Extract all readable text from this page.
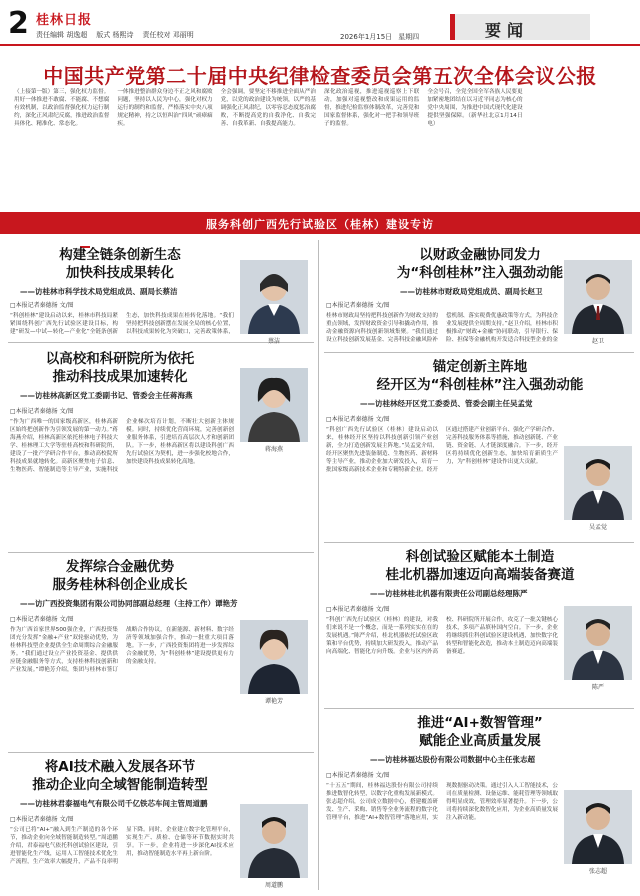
2 桂林日报
责任编辑 胡逸超 版式 杨熙诗 责任校对 邓丽明	2026年1月15日 星期四	要闻
中国共产党第二十届中央纪律检查委员会第五次全体会议公报

（上接第一版）第三，强化权力监督。用好一体推进不敢腐、不能腐、不想腐有效机制，以政治监督强化权力运行制约，深化正风肃纪反腐，推进政治监督具体化、精准化、常态化。

一体推进整治群众身边不正之风和腐败问题，坚持以人民为中心，强化对权力运行的制约和监督，严格落实中央八项规定精神，持之以恒纠治“四风”顽瘴痼疾。

全会强调，要坚定不移推进全面从严治党，以党的政治建设为统领，以严的基调强化正风肃纪，以零容忍态度惩治腐败，不断提高党的自我净化、自我完善、自我革新、自我提高能力。

深化政治巡视，推进巡视巡察上下联动，加强对巡视整改和成果运用的监督，推进纪检监察体制改革，完善党和国家监督体系，强化对一把手和领导班子的监督。

全会号召，全党全国全军各族人民要更加紧密地团结在以习近平同志为核心的党中央周围，为推进中国式现代化建设提供坚强保障。（新华社北京1月14日电）

服务科创广西先行试验区（桂林）建设专访
构建全链条创新生态
加快科技成果转化
——访桂林市科学技术局党组成员、副局长蔡洁
□本报记者秦德扬 文/图
“科创桂林”建设启动以来，桂林市科技局紧紧围绕科创广西先行试验区建设目标，构建“研发—中试—转化—产业化”全链条创新生态，加快科技成果在桂转化落地。“我们坚持把科技创新摆在发展全局的核心位置，以科技成果转化为突破口，完善政策体系，
蔡洁
以财政金融协同发力
为“科创桂林”注入强劲动能
——访桂林市财政局党组成员、副局长赵卫
□本报记者秦德扬 文/图
桂林市财政局坚持把科技创新作为财政支持的重点领域，发挥财政资金引导和撬动作用，推动金融资源向科技创新领域集聚。“我们通过设立科技创新发展基金、完善科技金融风险补偿机制、落实税费优惠政策等方式，为科技企业发展提供全周期支持。”赵卫介绍，桂林市积极推动“财政+金融”协同联动，引导银行、保险、担保等金融机构开发适合科技型企业的金	赵卫
以高校和科研院所为依托
推动科技成果加速转化
——访桂林高新区党工委副书记、管委会主任蒋海燕
□本报记者秦德扬 文/图
“作为广西唯一的国家级高新区，桂林高新区始终把创新作为引领发展的第一动力。”蒋海燕介绍，桂林高新区依托桂林电子科技大学、桂林理工大学等驻桂高校和科研院所，建设了一批产学研合作平台，推动高校院所科技成果就地转化。高新区聚焦电子信息、生物医药、智能制造等主导产业，实施科技企业梯次培育计划，不断壮大创新主体规模。同时，持续优化营商环境，完善创新创业服务体系，引进培育高层次人才和创新团队。下一步，桂林高新区将以建设科创广西先行试验区为契机，进一步强化校地合作，加快建设科技成果转化高地。
蒋海燕
锚定创新主阵地
经开区为“科创桂林”注入强劲动能
——访桂林经开区党工委委员、管委会副主任吴孟觉
□本报记者秦德扬 文/图
“科创广西先行试验区（桂林）建设启动以来，桂林经开区坚持以科技创新引领产业创新，全力打造创新发展主阵地。”吴孟觉介绍，经开区聚焦先进装备制造、生物医药、新材料等主导产业，推动企业加大研发投入，培育一批国家级高新技术企业和专精特新企业。经开区通过搭建产业创新平台、强化产学研合作、完善科技服务体系等措施，推动创新链、产业链、资金链、人才链深度融合。下一步，经开区将持续优化创新生态，加快培育新质生产力，为“科创桂林”建设作出更大贡献。
吴孟觉
发挥综合金融优势
服务桂林科创企业成长
——访广西投资集团有限公司协同部副总经理（主持工作）谭艳芳
□本报记者秦德扬 文/图
作为广西首家世界500强企业，广西投资集团充分发挥“金融+产业”双轮驱动优势，为桂林科技型企业提供全生命周期综合金融服务。“我们通过设立产业投资基金、提供供应链金融服务等方式，支持桂林科技创新和产业发展。”谭艳芳介绍，集团与桂林市签订战略合作协议，在新能源、新材料、数字经济等领域加强合作，推动一批重大项目落地。下一步，广西投资集团将进一步发挥综合金融优势，为“科创桂林”建设提供更有力的金融支持。
谭艳芳
科创试验区赋能本土制造
桂北机器加速迈向高端装备赛道
——访桂林桂北机器有限责任公司副总经理陈严
□本报记者秦德扬 文/图
“科创广西先行试验区（桂林）的建设，对我们来说不是一个概念，而是一系列实实在在的发展机遇。”陈严介绍，桂北机器依托试验区政策和平台优势，持续加大研发投入，推动产品向高端化、智能化方向升级。企业与区内外高校、科研院所开展合作，攻克了一批关键核心技术，多项产品填补国内空白。下一步，企业将继续抓住科创试验区建设机遇，加快数字化转型和智能化改造，推动本土制造迈向高端装备赛道。
陈严
将AI技术融入发展各环节
推动企业向全域智能制造转型
——访桂林君泰福电气有限公司千亿铁芯车间主管周道鹏
□本报记者秦德扬 文/图
“公司已将“AI+”融入到生产制造的各个环节，推动企业向全域智能制造转型。”周道鹏介绍，君泰福电气依托科创试验区建设，引进智能化生产线，运用人工智能技术优化生产流程，生产效率大幅提升，产品不良率明显下降。同时，企业建立数字化管理平台，实现生产、质检、仓储等环节数据实时共享。下一步，企业将进一步深化AI技术应用，推动智能制造水平再上新台阶。
周道鹏
推进“AI+数智管理”
赋能企业高质量发展
——访桂林福达股份有限公司数据中心主任张志超
□本报记者秦德扬 文/图
“十五五”期间，桂林福达股份有限公司持续推进数智化转型，以数字化重构发展新模式。张志超介绍，公司成立数据中心，搭建覆盖研发、生产、采购、销售等全业务流程的数字化管理平台，推进“AI+数智管理”落地应用，实现数据驱动决策。通过引入人工智能技术，公司在质量检测、设备运维、能耗管理等领域取得明显成效，管理效率显著提升。下一步，公司将持续深化数智化应用，为企业高质量发展注入新动能。
张志超
